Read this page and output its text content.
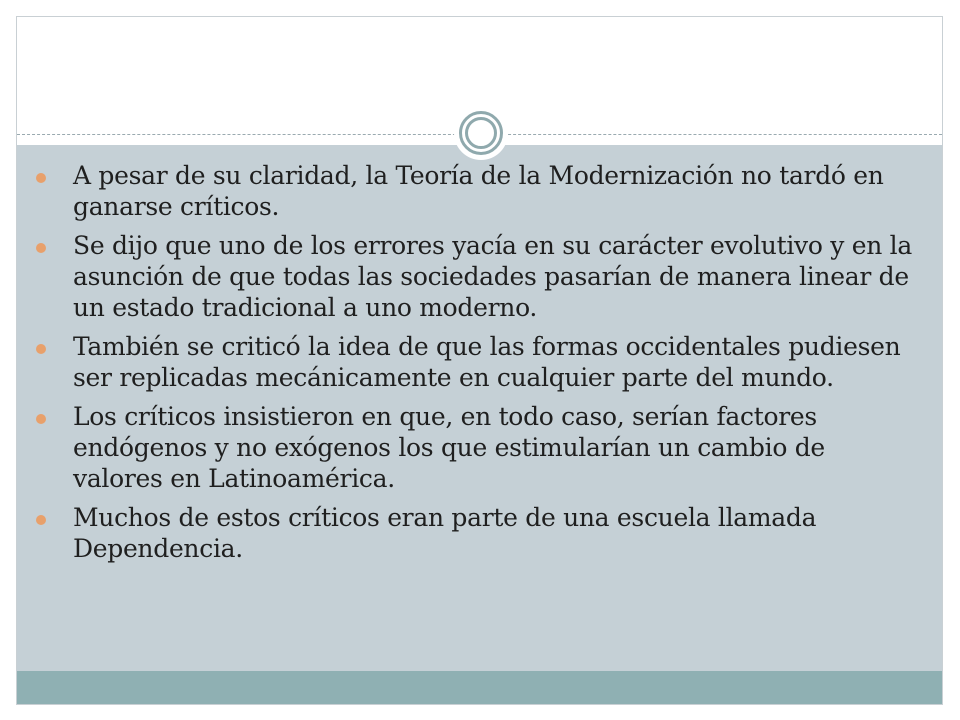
A pesar de su claridad, la Teoría de la Modernización no tardó en ganarse críticos.
Se dijo que uno de los errores yacía en su carácter evolutivo y en la asunción de que todas las sociedades pasarían de manera linear de un estado tradicional a uno moderno.
También se criticó la idea de que las formas occidentales pudiesen ser replicadas mecánicamente en cualquier parte del mundo.
Los críticos insistieron en que, en todo caso, serían factores endógenos y no exógenos los que estimularían un cambio de valores en Latinoamérica.
Muchos de estos críticos eran parte de una escuela llamada Dependencia.
